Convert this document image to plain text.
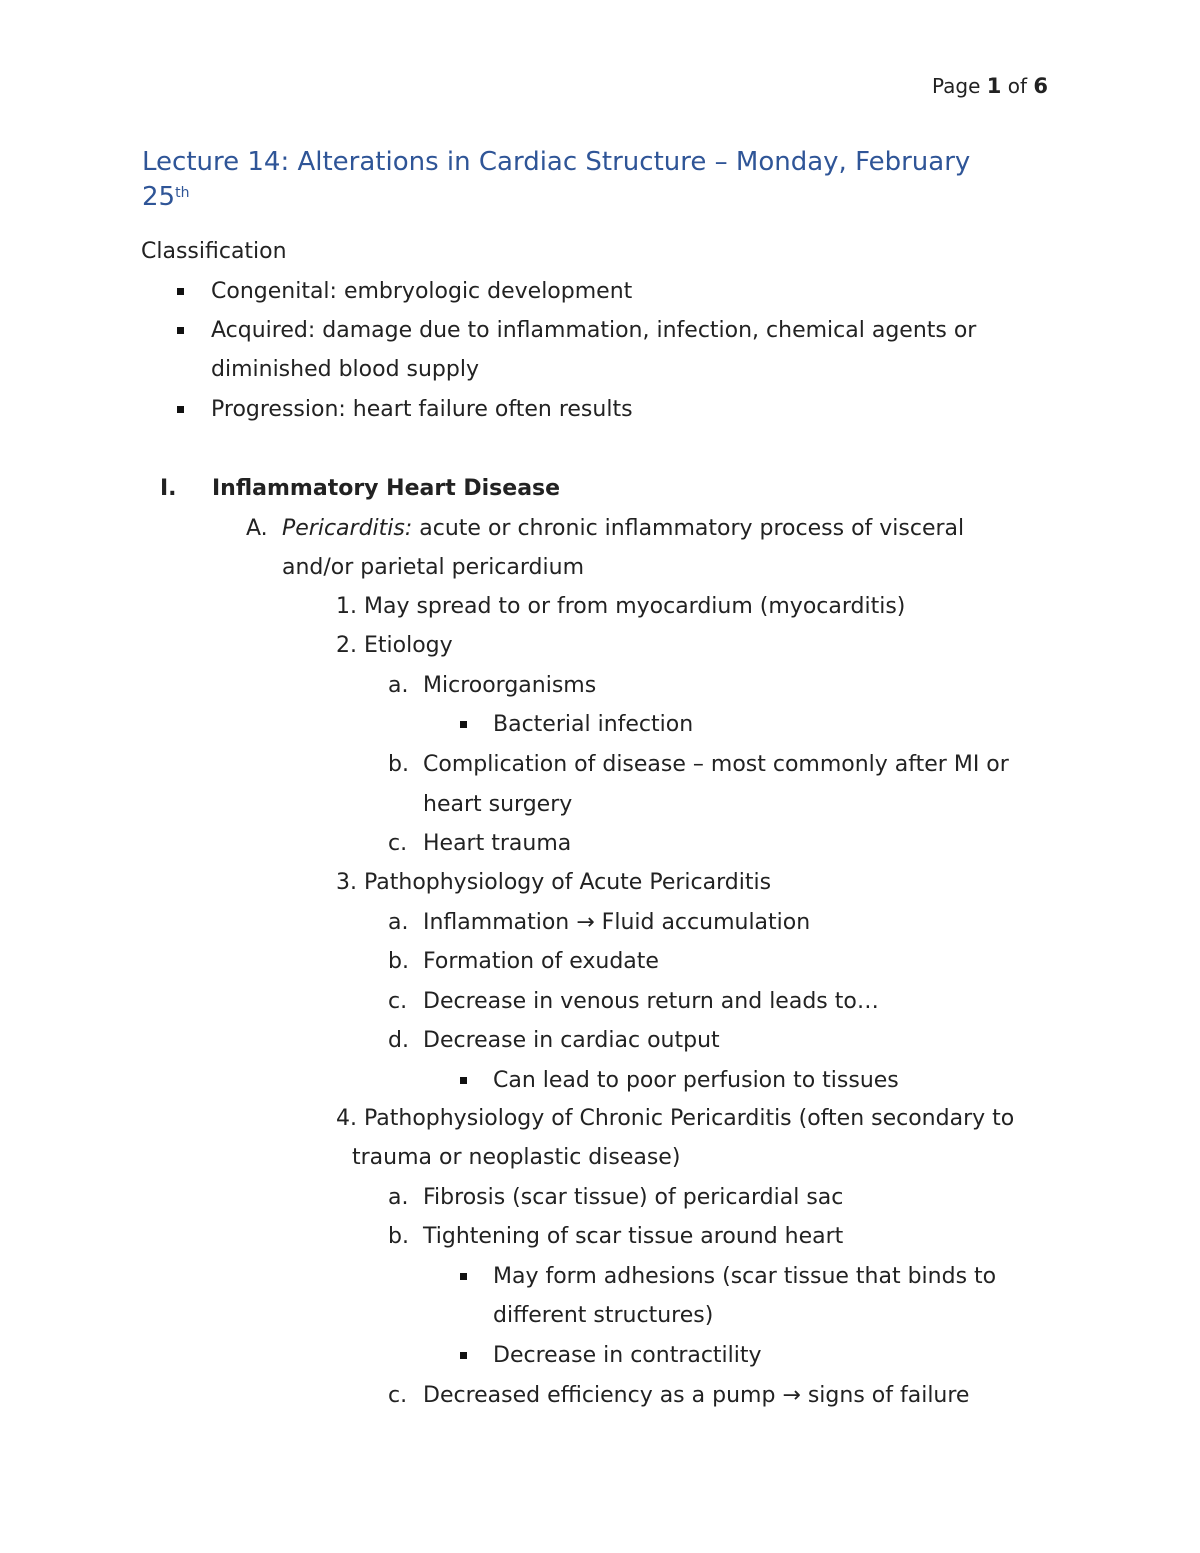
Page 1 of 6
Lecture 14: Alterations in Cardiac Structure – Monday, February
25th
Classification
Congenital: embryologic development
Acquired: damage due to inflammation, infection, chemical agents or
diminished blood supply
Progression: heart failure often results
I. Inflammatory Heart Disease
A. Pericarditis: acute or chronic inflammatory process of visceral
and/or parietal pericardium
1. May spread to or from myocardium (myocarditis)
2. Etiology
a. Microorganisms
Bacterial infection
b. Complication of disease – most commonly after MI or
heart surgery
c. Heart trauma
3. Pathophysiology of Acute Pericarditis
a. Inflammation → Fluid accumulation
b. Formation of exudate
c. Decrease in venous return and leads to…
d. Decrease in cardiac output
Can lead to poor perfusion to tissues
4. Pathophysiology of Chronic Pericarditis (often secondary to
trauma or neoplastic disease)
a. Fibrosis (scar tissue) of pericardial sac
b. Tightening of scar tissue around heart
May form adhesions (scar tissue that binds to
different structures)
Decrease in contractility
c. Decreased efficiency as a pump → signs of failure
